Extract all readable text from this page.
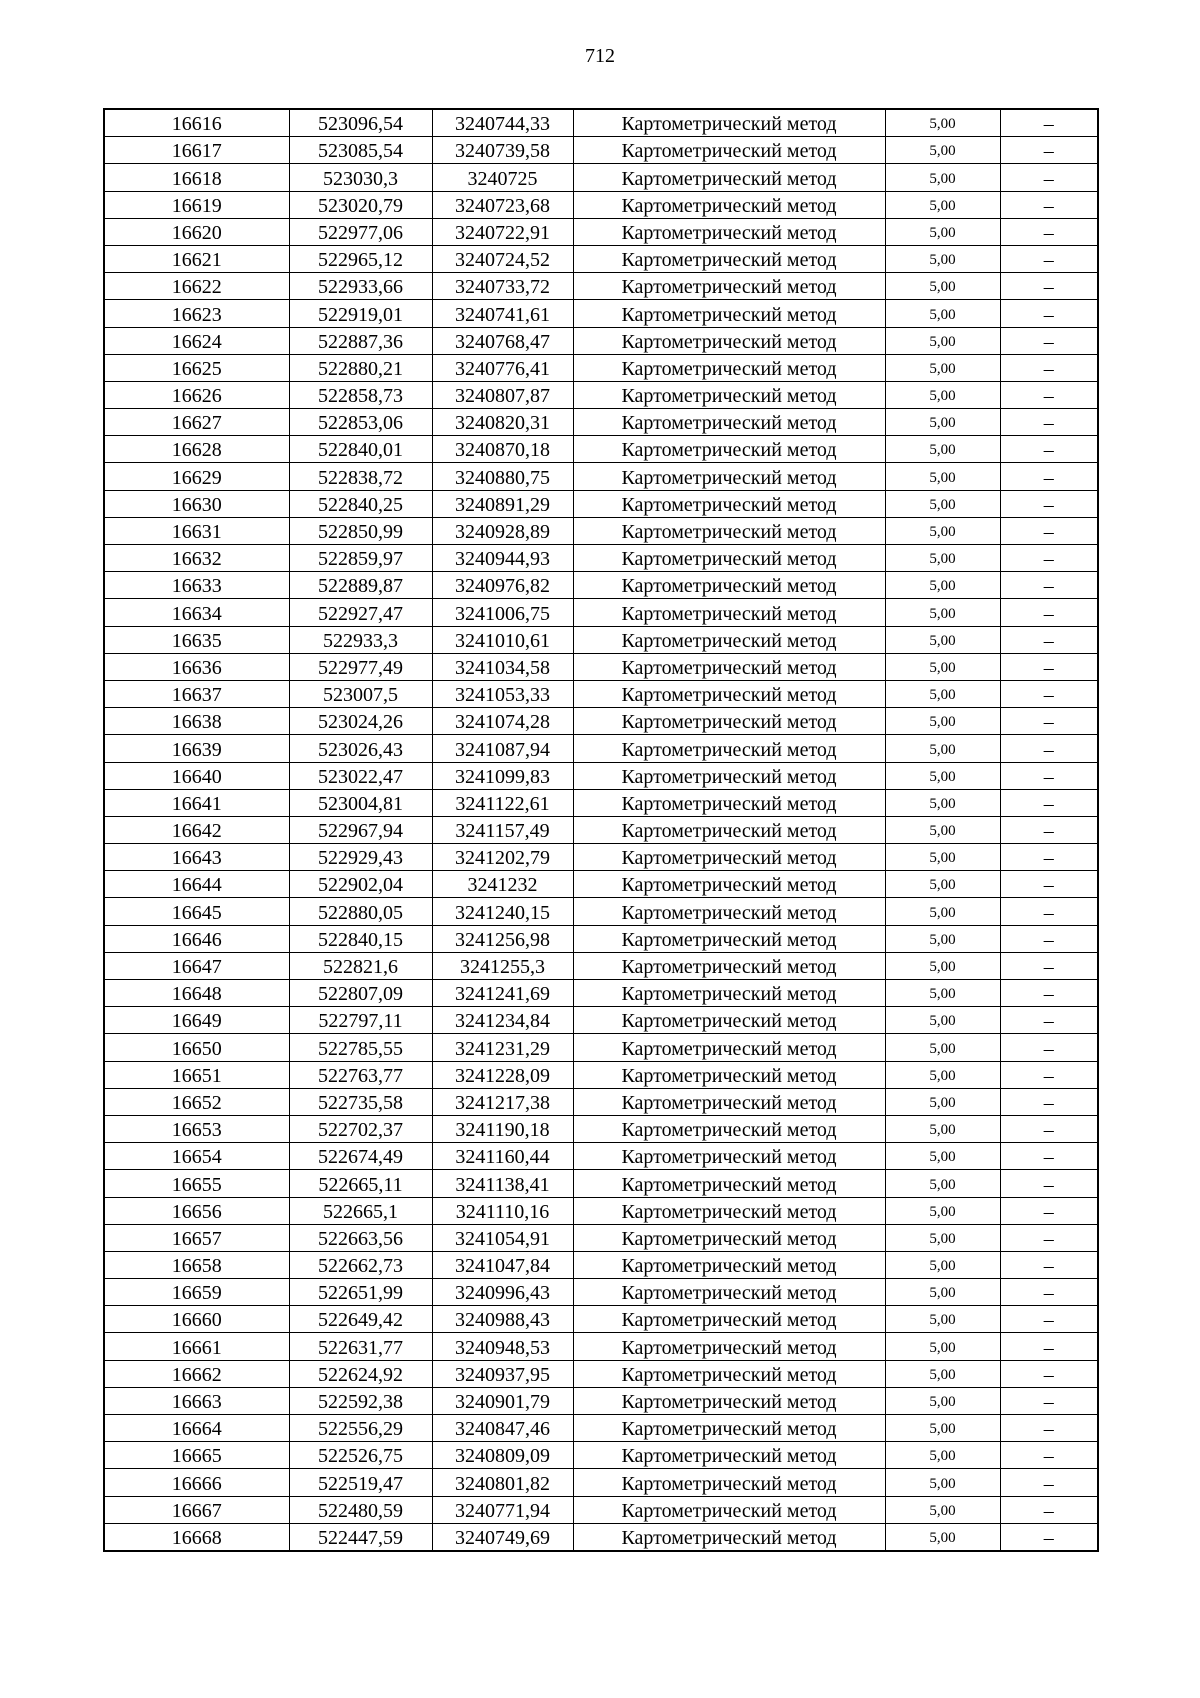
712
16616	523096,54	3240744,33	Картометрический метод	5,00	–
16617	523085,54	3240739,58	Картометрический метод	5,00	–
16618	523030,3	3240725	Картометрический метод	5,00	–
16619	523020,79	3240723,68	Картометрический метод	5,00	–
16620	522977,06	3240722,91	Картометрический метод	5,00	–
16621	522965,12	3240724,52	Картометрический метод	5,00	–
16622	522933,66	3240733,72	Картометрический метод	5,00	–
16623	522919,01	3240741,61	Картометрический метод	5,00	–
16624	522887,36	3240768,47	Картометрический метод	5,00	–
16625	522880,21	3240776,41	Картометрический метод	5,00	–
16626	522858,73	3240807,87	Картометрический метод	5,00	–
16627	522853,06	3240820,31	Картометрический метод	5,00	–
16628	522840,01	3240870,18	Картометрический метод	5,00	–
16629	522838,72	3240880,75	Картометрический метод	5,00	–
16630	522840,25	3240891,29	Картометрический метод	5,00	–
16631	522850,99	3240928,89	Картометрический метод	5,00	–
16632	522859,97	3240944,93	Картометрический метод	5,00	–
16633	522889,87	3240976,82	Картометрический метод	5,00	–
16634	522927,47	3241006,75	Картометрический метод	5,00	–
16635	522933,3	3241010,61	Картометрический метод	5,00	–
16636	522977,49	3241034,58	Картометрический метод	5,00	–
16637	523007,5	3241053,33	Картометрический метод	5,00	–
16638	523024,26	3241074,28	Картометрический метод	5,00	–
16639	523026,43	3241087,94	Картометрический метод	5,00	–
16640	523022,47	3241099,83	Картометрический метод	5,00	–
16641	523004,81	3241122,61	Картометрический метод	5,00	–
16642	522967,94	3241157,49	Картометрический метод	5,00	–
16643	522929,43	3241202,79	Картометрический метод	5,00	–
16644	522902,04	3241232	Картометрический метод	5,00	–
16645	522880,05	3241240,15	Картометрический метод	5,00	–
16646	522840,15	3241256,98	Картометрический метод	5,00	–
16647	522821,6	3241255,3	Картометрический метод	5,00	–
16648	522807,09	3241241,69	Картометрический метод	5,00	–
16649	522797,11	3241234,84	Картометрический метод	5,00	–
16650	522785,55	3241231,29	Картометрический метод	5,00	–
16651	522763,77	3241228,09	Картометрический метод	5,00	–
16652	522735,58	3241217,38	Картометрический метод	5,00	–
16653	522702,37	3241190,18	Картометрический метод	5,00	–
16654	522674,49	3241160,44	Картометрический метод	5,00	–
16655	522665,11	3241138,41	Картометрический метод	5,00	–
16656	522665,1	3241110,16	Картометрический метод	5,00	–
16657	522663,56	3241054,91	Картометрический метод	5,00	–
16658	522662,73	3241047,84	Картометрический метод	5,00	–
16659	522651,99	3240996,43	Картометрический метод	5,00	–
16660	522649,42	3240988,43	Картометрический метод	5,00	–
16661	522631,77	3240948,53	Картометрический метод	5,00	–
16662	522624,92	3240937,95	Картометрический метод	5,00	–
16663	522592,38	3240901,79	Картометрический метод	5,00	–
16664	522556,29	3240847,46	Картометрический метод	5,00	–
16665	522526,75	3240809,09	Картометрический метод	5,00	–
16666	522519,47	3240801,82	Картометрический метод	5,00	–
16667	522480,59	3240771,94	Картометрический метод	5,00	–
16668	522447,59	3240749,69	Картометрический метод	5,00	–
